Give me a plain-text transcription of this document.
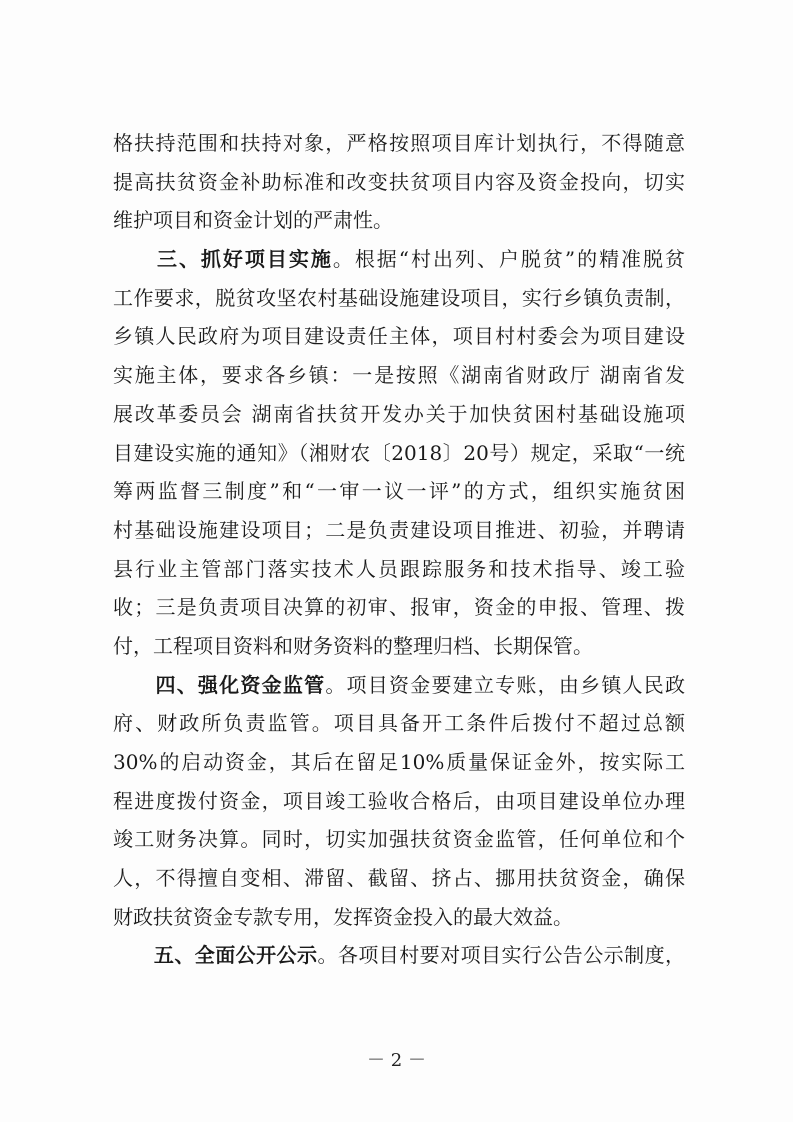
格扶持范围和扶持对象，严格按照项目库计划执行，不得随意
提高扶贫资金补助标准和改变扶贫项目内容及资金投向，切实
维护项目和资金计划的严肃性。
　　三、抓好项目实施。根据“村出列、户脱贫”的精准脱贫
工作要求，脱贫攻坚农村基础设施建设项目，实行乡镇负责制，
乡镇人民政府为项目建设责任主体，项目村村委会为项目建设
实施主体，要求各乡镇：一是按照《湖南省财政厅 湖南省发
展改革委员会 湖南省扶贫开发办关于加快贫困村基础设施项
目建设实施的通知》（湘财农〔2018〕20号）规定，采取“一统
筹两监督三制度”和“一审一议一评”的方式，组织实施贫困
村基础设施建设项目；二是负责建设项目推进、初验，并聘请
县行业主管部门落实技术人员跟踪服务和技术指导、竣工验
收；三是负责项目决算的初审、报审，资金的申报、管理、拨
付，工程项目资料和财务资料的整理归档、长期保管。
　　四、强化资金监管。项目资金要建立专账，由乡镇人民政
府、财政所负责监管。项目具备开工条件后拨付不超过总额
30%的启动资金，其后在留足10%质量保证金外，按实际工
程进度拨付资金，项目竣工验收合格后，由项目建设单位办理
竣工财务决算。同时，切实加强扶贫资金监管，任何单位和个
人，不得擅自变相、滞留、截留、挤占、挪用扶贫资金，确保
财政扶贫资金专款专用，发挥资金投入的最大效益。
　　五、全面公开公示。各项目村要对项目实行公告公示制度，
－ 2 －
